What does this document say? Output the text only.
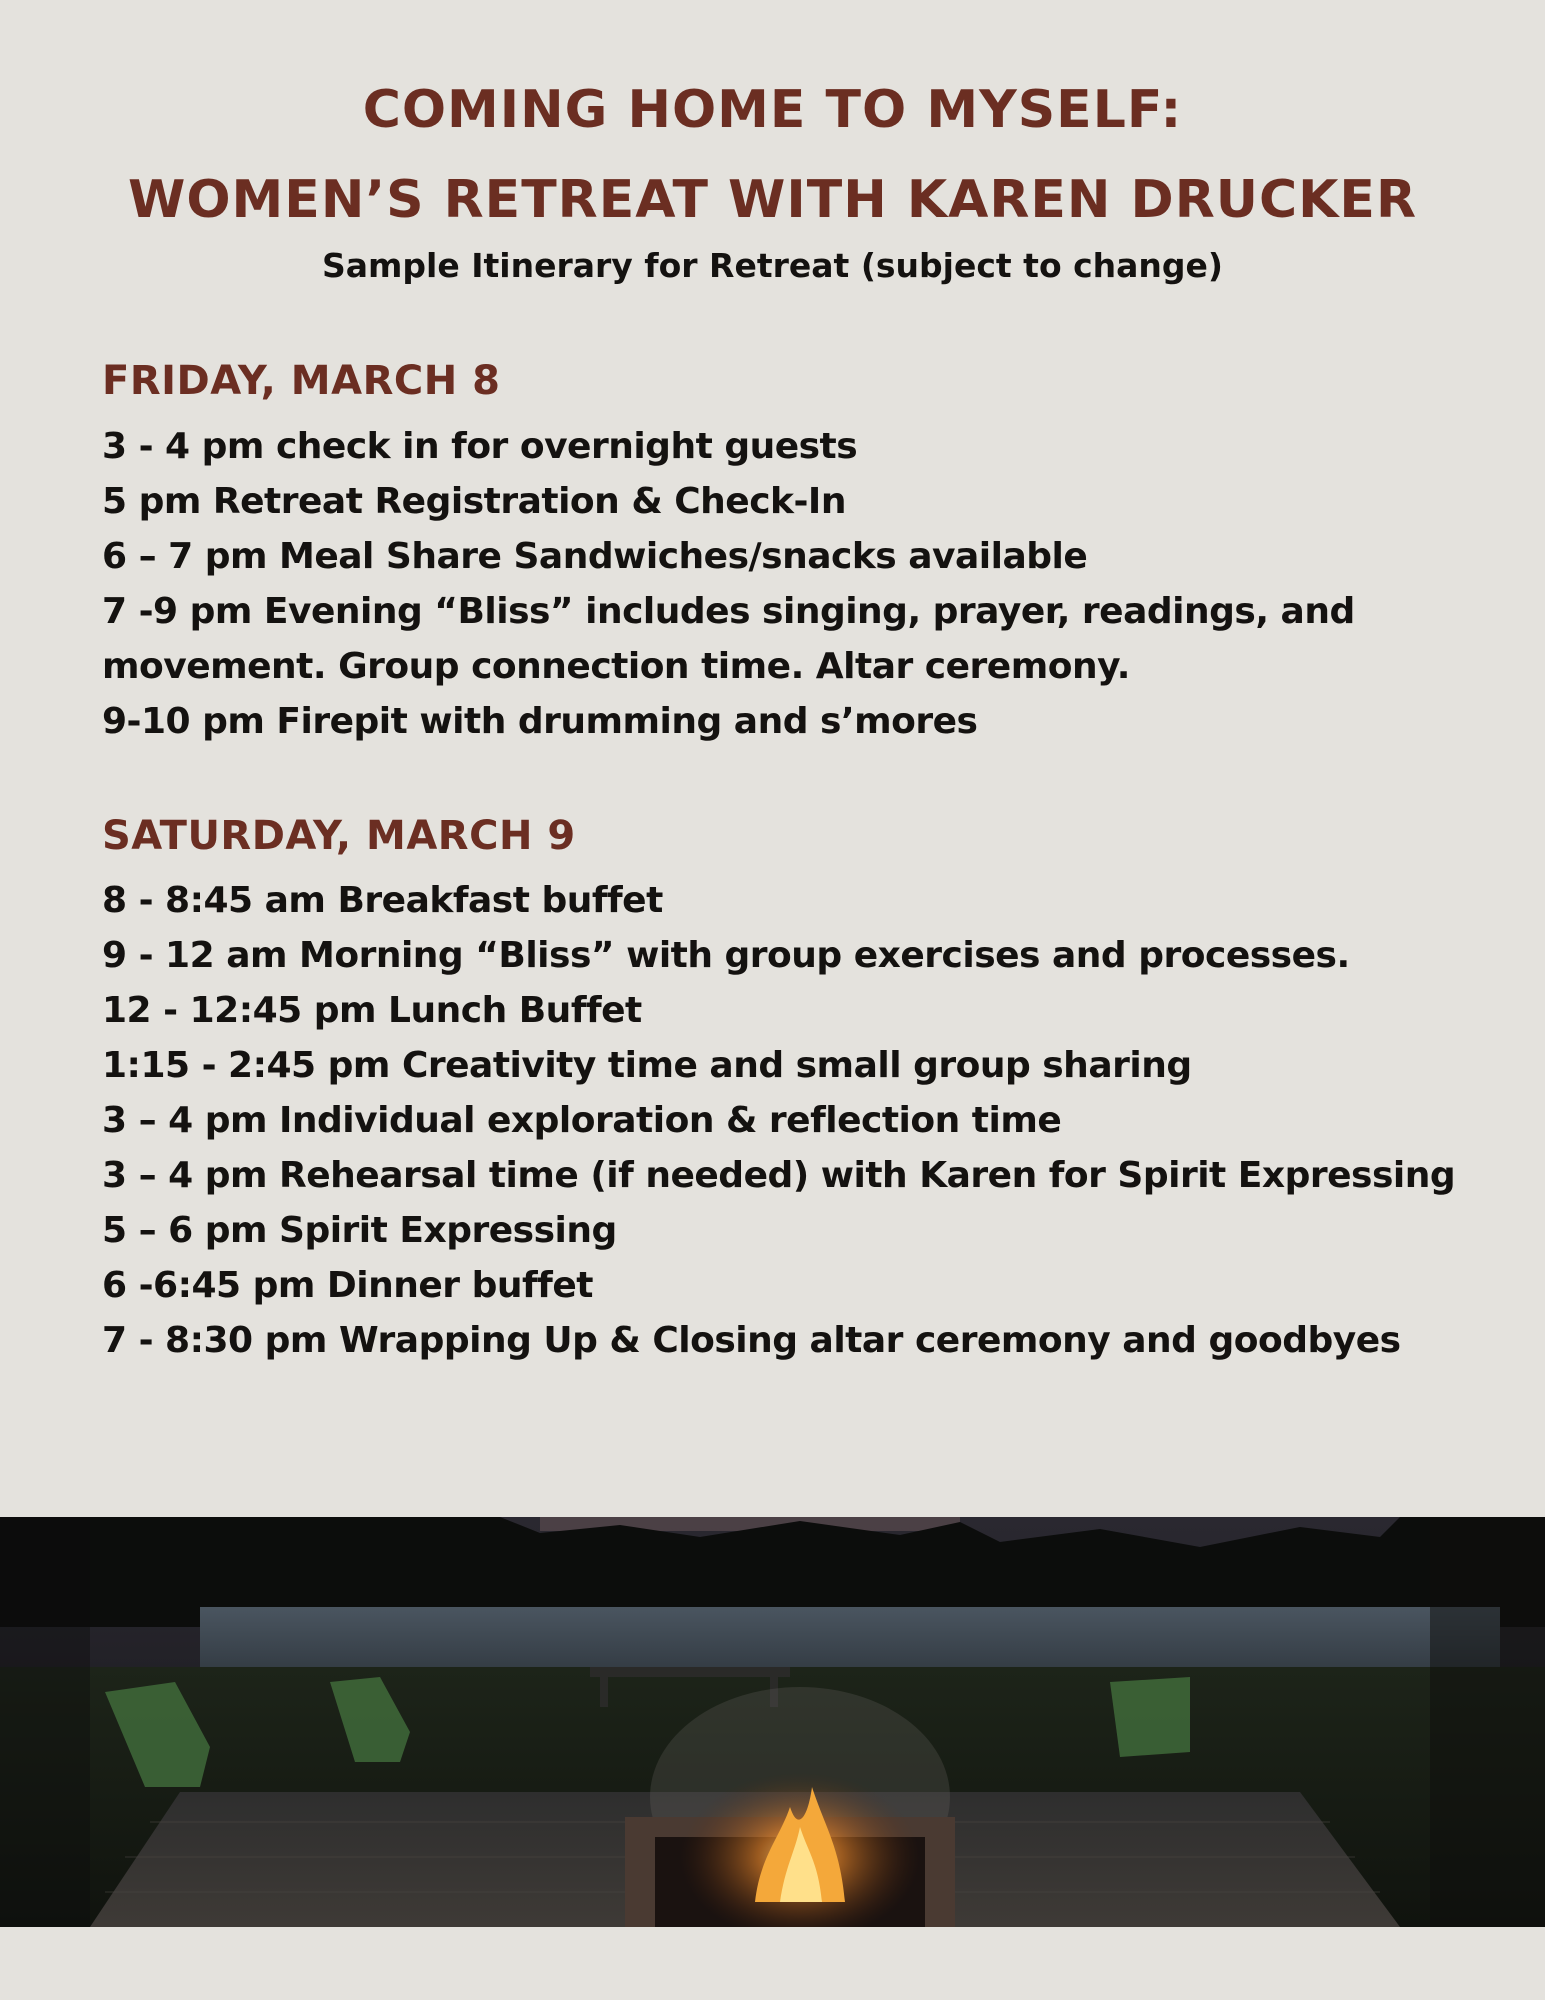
COMING HOME TO MYSELF:
WOMEN’S RETREAT WITH KAREN DRUCKER
Sample Itinerary for Retreat (subject to change)
FRIDAY, MARCH 8
3 - 4 pm check in for overnight guests
5 pm Retreat Registration & Check-In
6 – 7 pm Meal Share Sandwiches/snacks available
7 -9 pm Evening “Bliss” includes singing, prayer, readings, and movement. Group connection time. Altar ceremony.
9-10 pm Firepit with drumming and s’mores
SATURDAY, MARCH 9
8 - 8:45 am Breakfast buffet
9 - 12 am Morning “Bliss” with group exercises and processes.
12 - 12:45 pm Lunch Buffet
1:15 - 2:45 pm Creativity time and small group sharing
3 – 4 pm Individual exploration & reflection time
3 – 4 pm Rehearsal time (if needed) with Karen for Spirit Expressing
5 – 6 pm Spirit Expressing
6 -6:45 pm Dinner buffet
7 - 8:30 pm Wrapping Up & Closing altar ceremony and goodbyes
